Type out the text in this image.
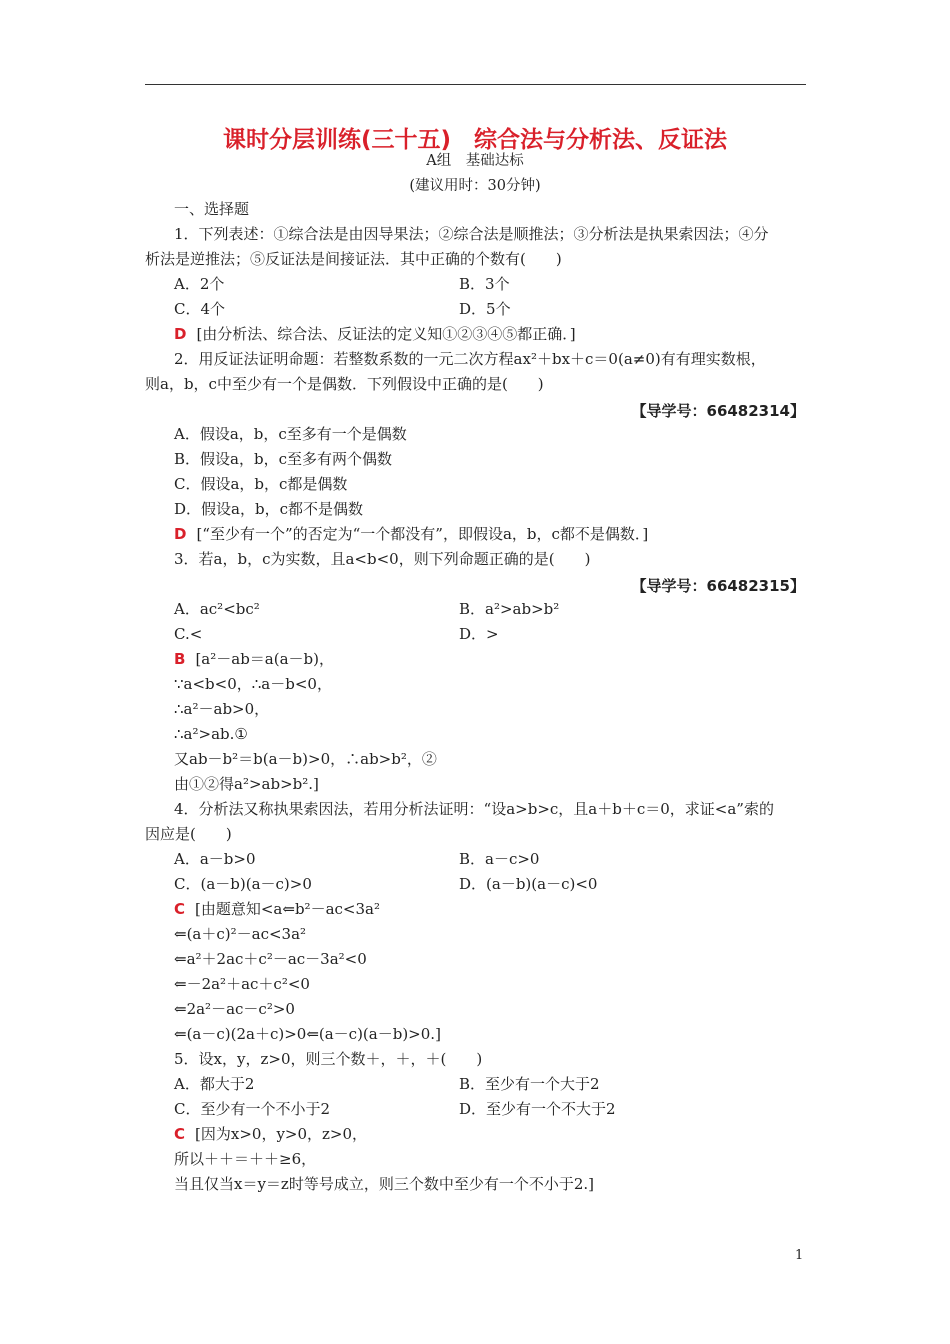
课时分层训练(三十五)　综合法与分析法、反证法
A组　基础达标
(建议用时：30分钟)
一、选择题
1．下列表述：①综合法是由因导果法；②综合法是顺推法；③分析法是执果索因法；④分
析法是逆推法；⑤反证法是间接证法．其中正确的个数有(　　)
A．2个	B．3个
C．4个	D．5个
D [由分析法、综合法、反证法的定义知①②③④⑤都正确．]
2．用反证法证明命题：若整数系数的一元二次方程ax²＋bx＋c＝0(a≠0)有有理实数根，
则a，b，c中至少有一个是偶数．下列假设中正确的是(　　)
【导学号：66482314】
A．假设a，b，c至多有一个是偶数
B．假设a，b，c至多有两个偶数
C．假设a，b，c都是偶数
D．假设a，b，c都不是偶数
D [“至少有一个”的否定为“一个都没有”，即假设a，b，c都不是偶数．]
3．若a，b，c为实数，且a<b<0，则下列命题正确的是(　　)
【导学号：66482315】
A．ac²<bc²	B．a²>ab>b²
C.<	D．>
B [a²－ab＝a(a－b)，
∵a<b<0，∴a－b<0，
∴a²－ab>0，
∴a²>ab.①
又ab－b²＝b(a－b)>0，∴ab>b²，②
由①②得a²>ab>b².]
4．分析法又称执果索因法，若用分析法证明：“设a>b>c，且a＋b＋c＝0，求证<a”索的
因应是(　　)
A．a－b>0	B．a－c>0
C．(a－b)(a－c)>0	D．(a－b)(a－c)<0
C [由题意知<a⇐b²－ac<3a²
⇐(a＋c)²－ac<3a²
⇐a²＋2ac＋c²－ac－3a²<0
⇐－2a²＋ac＋c²<0
⇐2a²－ac－c²>0
⇐(a－c)(2a＋c)>0⇐(a－c)(a－b)>0.]
5．设x，y，z>0，则三个数＋，＋，＋(　　)
A．都大于2	B．至少有一个大于2
C．至少有一个不小于2	D．至少有一个不大于2
C [因为x>0，y>0，z>0，
所以＋＋＝＋＋≥6，
当且仅当x＝y＝z时等号成立，则三个数中至少有一个不小于2.]
1
